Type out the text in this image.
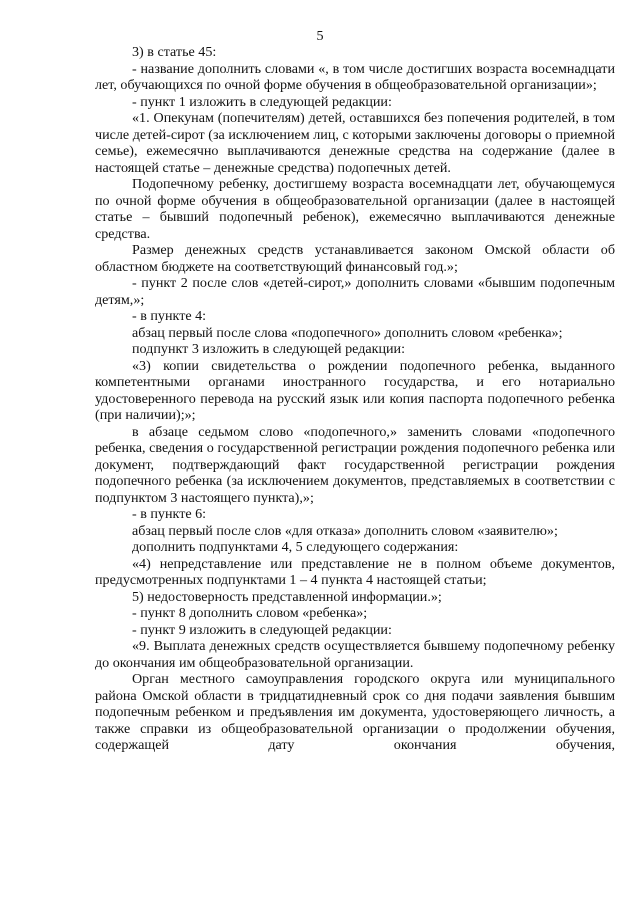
5

3) в статье 45:

- название дополнить словами «, в том числе достигших возраста восемнадцати лет, обучающихся по очной форме обучения в общеобразовательной организации»;

- пункт 1 изложить в следующей редакции:

«1. Опекунам (попечителям) детей, оставшихся без попечения родителей, в том числе детей-сирот (за исключением лиц, с которыми заключены договоры о приемной семье), ежемесячно выплачиваются денежные средства на содержание (далее в настоящей статье – денежные средства) подопечных детей.

Подопечному ребенку, достигшему возраста восемнадцати лет, обучающемуся по очной форме обучения в общеобразовательной организации (далее в настоящей статье – бывший подопечный ребенок), ежемесячно выплачиваются денежные средства.

Размер денежных средств устанавливается законом Омской области об областном бюджете на соответствующий финансовый год.»;

- пункт 2 после слов «детей-сирот,» дополнить словами «бывшим подопечным детям,»;

- в пункте 4:

абзац первый после слова «подопечного» дополнить словом «ребенка»;

подпункт 3 изложить в следующей редакции:

«3) копии свидетельства о рождении подопечного ребенка, выданного компетентными органами иностранного государства, и его нотариально удостоверенного перевода на русский язык или копия паспорта подопечного ребенка (при наличии);»;

в абзаце седьмом слово «подопечного,» заменить словами «подопечного ребенка, сведения о государственной регистрации рождения подопечного ребенка или документ, подтверждающий факт государственной регистрации рождения подопечного ребенка (за исключением документов, представляемых в соответствии с подпунктом 3 настоящего пункта),»;

- в пункте 6:

абзац первый после слов «для отказа» дополнить словом «заявителю»;

дополнить подпунктами 4, 5 следующего содержания:

«4) непредставление или представление не в полном объеме документов, предусмотренных подпунктами 1 – 4 пункта 4 настоящей статьи;

5) недостоверность представленной информации.»;

- пункт 8 дополнить словом «ребенка»;

- пункт 9 изложить в следующей редакции:

«9. Выплата денежных средств осуществляется бывшему подопечному ребенку до окончания им общеобразовательной организации.

Орган местного самоуправления городского округа или муниципального района Омской области в тридцатидневный срок со дня подачи заявления бывшим подопечным ребенком и предъявления им документа, удостоверяющего личность, а также справки из общеобразовательной организации о продолжении обучения, содержащей дату окончания обучения,
